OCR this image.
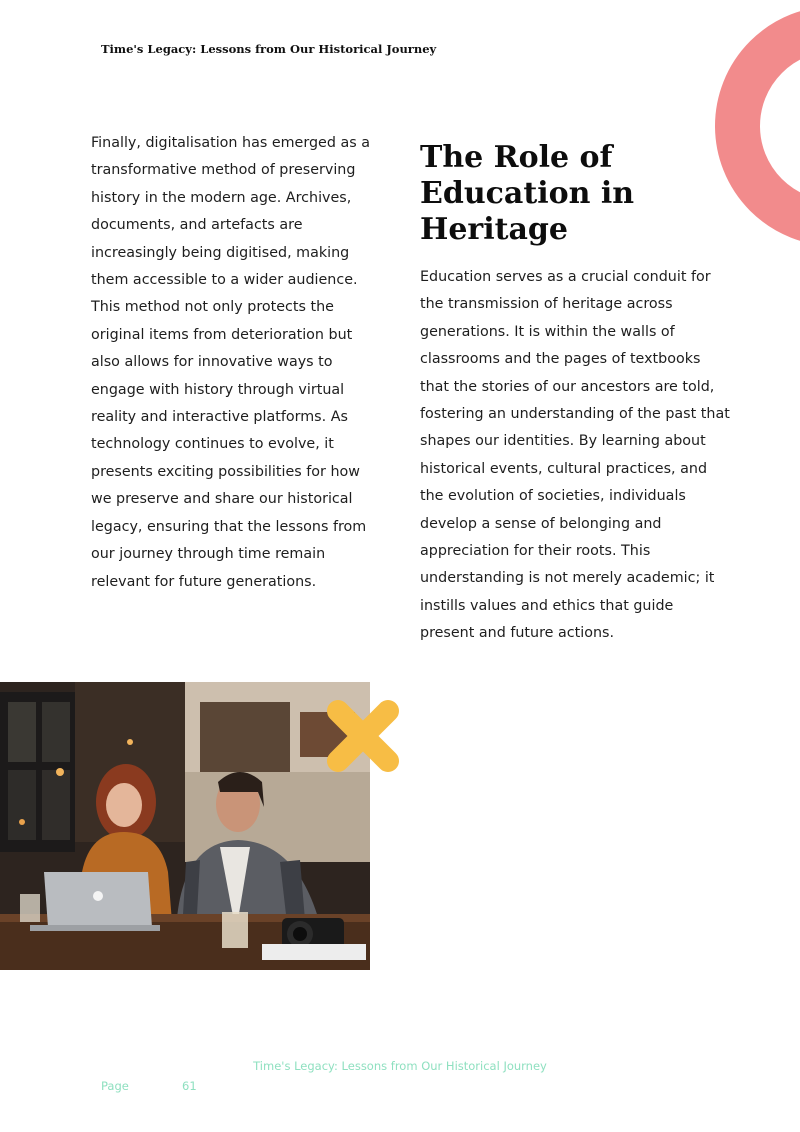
Time's Legacy: Lessons from Our Historical Journey
Finally, digitalisation has emerged as a transformative method of preserving history in the modern age. Archives, documents, and artefacts are increasingly being digitised, making them accessible to a wider audience. This method not only protects the original items from deterioration but also allows for innovative ways to engage with history through virtual reality and interactive platforms. As technology continues to evolve, it presents exciting possibilities for how we preserve and share our historical legacy, ensuring that the lessons from our journey through time remain relevant for future generations.
The Role of Education in Heritage

Education serves as a crucial conduit for the transmission of heritage across generations. It is within the walls of classrooms and the pages of textbooks that the stories of our ancestors are told, fostering an understanding of the past that shapes our identities. By learning about historical events, cultural practices, and the evolution of societies, individuals develop a sense of belonging and appreciation for their roots. This understanding is not merely academic; it instills values and ethics that guide present and future actions.

Time's Legacy: Lessons from Our Historical Journey
Page	61
